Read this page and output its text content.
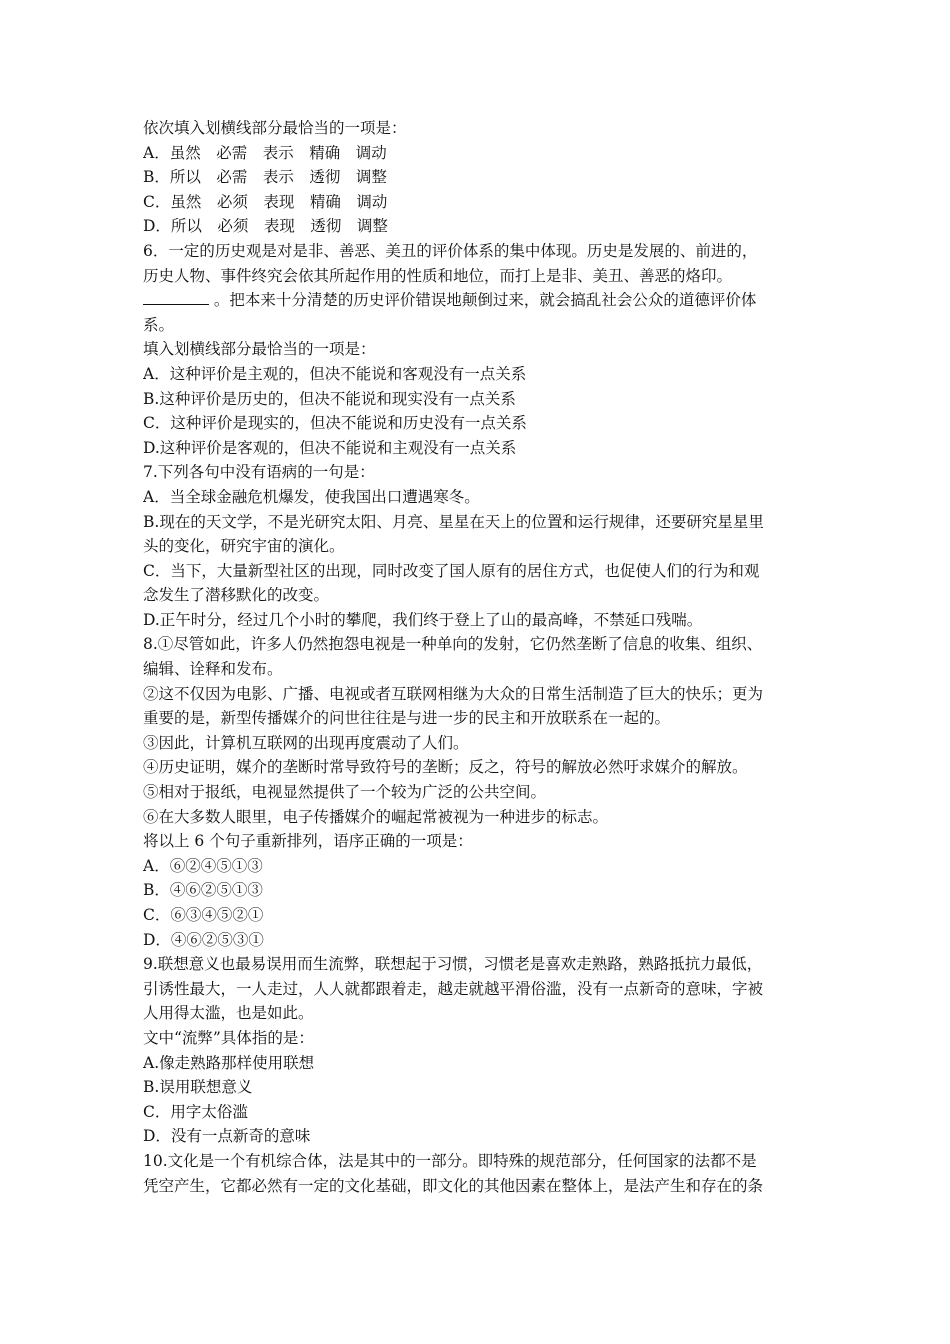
依次填入划横线部分最恰当的一项是：
A．虽然　必需　表示　精确　调动
B．所以　必需　表示　透彻　调整
C．虽然　必须　表现　精确　调动
D．所以　必须　表现　透彻　调整
6．一定的历史观是对是非、善恶、美丑的评价体系的集中体现。历史是发展的、前进的，
历史人物、事件终究会依其所起作用的性质和地位，而打上是非、美丑、善恶的烙印。
。把本来十分清楚的历史评价错误地颠倒过来，就会搞乱社会公众的道德评价体
系。
填入划横线部分最恰当的一项是：
A．这种评价是主观的，但决不能说和客观没有一点关系
B.这种评价是历史的，但决不能说和现实没有一点关系
C．这种评价是现实的，但决不能说和历史没有一点关系
D.这种评价是客观的，但决不能说和主观没有一点关系
7.下列各句中没有语病的一句是：
A．当全球金融危机爆发，使我国出口遭遇寒冬。
B.现在的天文学，不是光研究太阳、月亮、星星在天上的位置和运行规律，还要研究星星里
头的变化，研究宇宙的演化。
C．当下，大量新型社区的出现，同时改变了国人原有的居住方式，也促使人们的行为和观
念发生了潜移默化的改变。
D.正午时分，经过几个小时的攀爬，我们终于登上了山的最高峰，不禁延口残喘。
8.①尽管如此，许多人仍然抱怨电视是一种单向的发射，它仍然垄断了信息的收集、组织、
编辑、诠释和发布。
②这不仅因为电影、广播、电视或者互联网相继为大众的日常生活制造了巨大的快乐；更为
重要的是，新型传播媒介的问世往往是与进一步的民主和开放联系在一起的。
③因此，计算机互联网的出现再度震动了人们。
④历史证明，媒介的垄断时常导致符号的垄断；反之，符号的解放必然吁求媒介的解放。
⑤相对于报纸，电视显然提供了一个较为广泛的公共空间。
⑥在大多数人眼里，电子传播媒介的崛起常被视为一种进步的标志。
将以上 6 个句子重新排列，语序正确的一项是：
A．⑥②④⑤①③
B．④⑥②⑤①③
C．⑥③④⑤②①
D．④⑥②⑤③①
9.联想意义也最易误用而生流弊，联想起于习惯，习惯老是喜欢走熟路，熟路抵抗力最低，
引诱性最大，一人走过，人人就都跟着走，越走就越平滑俗滥，没有一点新奇的意味，字被
人用得太滥，也是如此。
文中“流弊”具体指的是：
A.像走熟路那样使用联想
B.误用联想意义
C．用字太俗滥
D．没有一点新奇的意味
10.文化是一个有机综合体，法是其中的一部分。即特殊的规范部分，任何国家的法都不是
凭空产生，它都必然有一定的文化基础，即文化的其他因素在整体上，是法产生和存在的条
